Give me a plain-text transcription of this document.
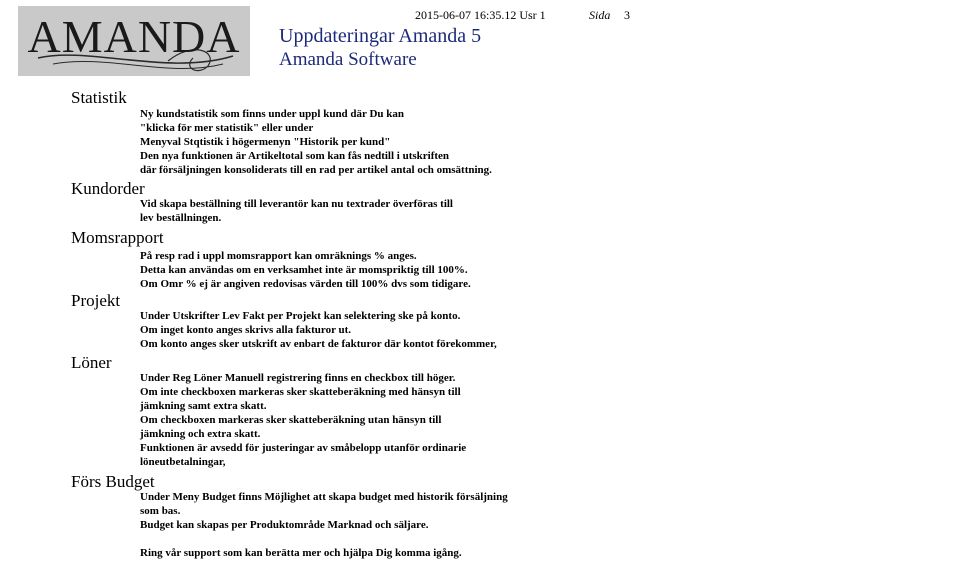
AMANDA	2015-06-07 16:35.12 Usr 1	Sida 3
Uppdateringar Amanda 5
Amanda Software
Statistik
Ny kundstatistik som finns under uppl kund där Du kan
"klicka för mer statistik" eller under
Menyval Stqtistik i högermenyn "Historik per kund"
Den nya funktionen är Artikeltotal som kan fås nedtill i utskriften
där försäljningen konsoliderats till en rad per artikel antal och omsättning.
Kundorder
Vid skapa beställning till leverantör kan nu textrader överföras till
lev beställningen.
Momsrapport
På resp rad i uppl momsrapport kan omräknings % anges.
Detta kan användas om en verksamhet inte är momspriktig till 100%.
Om Omr % ej är angiven redovisas värden till 100% dvs som tidigare.
Projekt
Under Utskrifter Lev Fakt per Projekt kan selektering ske på konto.
Om inget konto anges skrivs alla fakturor ut.
Om konto anges sker utskrift av enbart de fakturor där kontot förekommer,
Löner
Under Reg Löner Manuell registrering finns en checkbox till höger.
Om inte checkboxen markeras sker skatteberäkning med hänsyn till
jämkning samt extra skatt.
Om checkboxen markeras sker skatteberäkning utan hänsyn till
jämkning och extra skatt.
Funktionen är avsedd för justeringar av småbelopp utanför ordinarie
löneutbetalningar,
Förs Budget
Under Meny Budget finns Möjlighet att skapa budget med historik försäljning
som bas.
Budget kan skapas per Produktområde Marknad och säljare.
Ring vår support som kan berätta mer och hjälpa Dig komma igång.
